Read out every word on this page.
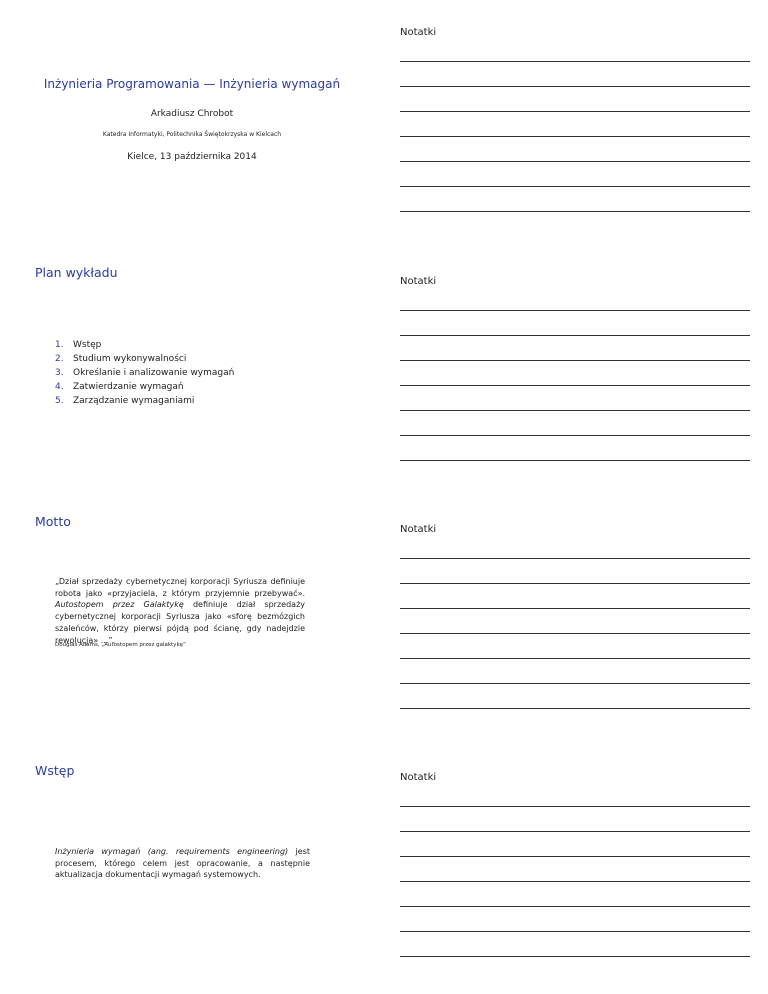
Inżynieria Programowania — Inżynieria wymagań
Arkadiusz Chrobot
Katedra Informatyki, Politechnika Świętokrzyska w Kielcach
Kielce, 13 października 2014
Notatki
Plan wykładu
1. Wstęp
2. Studium wykonywalności
3. Określanie i analizowanie wymagań
4. Zatwierdzanie wymagań
5. Zarządzanie wymaganiami
Notatki
Motto
„Dział sprzedaży cybernetycznej korporacji Syriusza definiuje robota jako «przyjaciela, z którym przyjemnie przebywać». Autostopem przez Galaktykę definiuje dział sprzedaży cybernetycznej korporacji Syriusza jako «sforę bezmózgich szaleńców, którzy pierwsi pójdą pod ścianę, gdy nadejdzie rewolucja» ...”.
Douglas Adams, „Autostopem przez galaktykę”
Notatki
Wstęp
Inżynieria wymagań (ang. requirements engineering) jest procesem, którego celem jest opracowanie, a następnie aktualizacja dokumentacji wymagań systemowych.
Notatki
